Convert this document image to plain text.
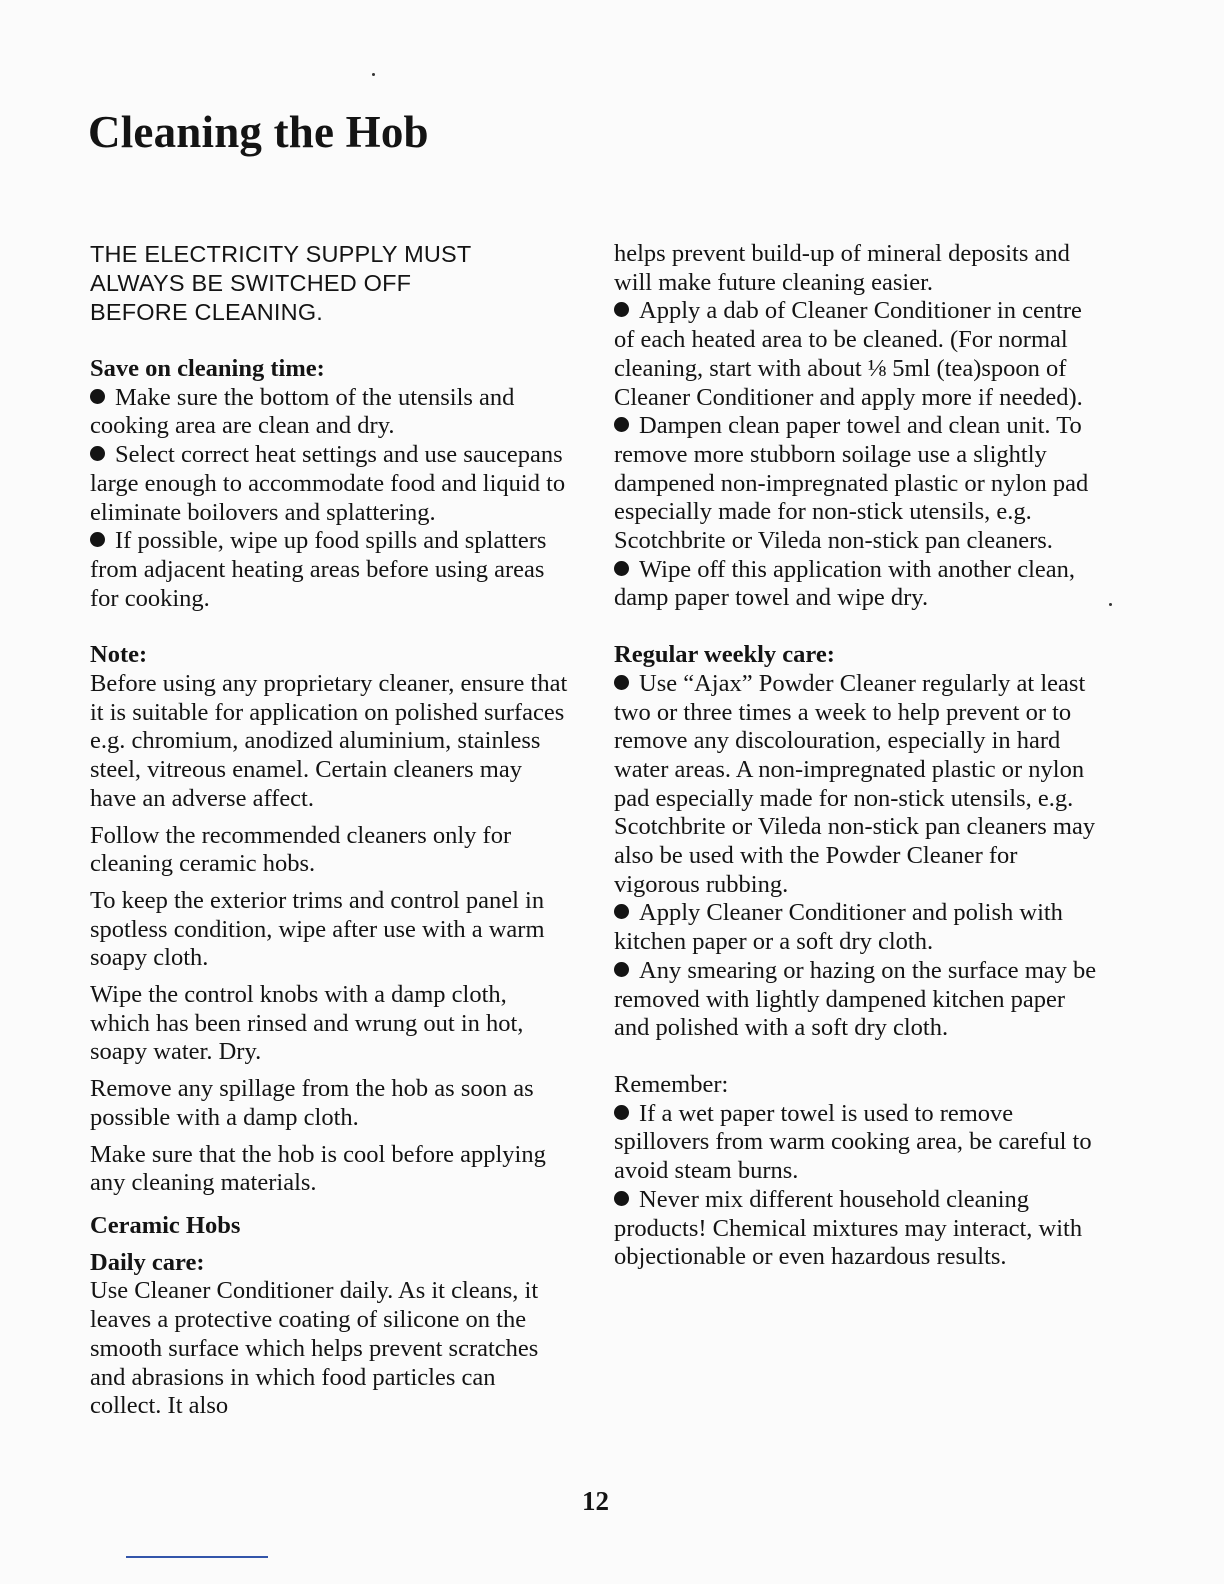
Cleaning the Hob
THE ELECTRICITY SUPPLY MUST
ALWAYS BE SWITCHED OFF
BEFORE CLEANING.

Save on cleaning time:

Make sure the bottom of the utensils and cooking area are clean and dry.

Select correct heat settings and use saucepans large enough to accommodate food and liquid to eliminate boilovers and splattering.

If possible, wipe up food spills and splatters from adjacent heating areas before using areas for cooking.

Note:

Before using any proprietary cleaner, ensure that it is suitable for application on polished surfaces e.g. chromium, anodized aluminium, stainless steel, vitreous enamel. Certain cleaners may have an adverse affect.

Follow the recommended cleaners only for cleaning ceramic hobs.

To keep the exterior trims and control panel in spotless condition, wipe after use with a warm soapy cloth.

Wipe the control knobs with a damp cloth, which has been rinsed and wrung out in hot, soapy water. Dry.

Remove any spillage from the hob as soon as possible with a damp cloth.

Make sure that the hob is cool before applying any cleaning materials.

Ceramic Hobs

Daily care:

Use Cleaner Conditioner daily. As it cleans, it leaves a protective coating of silicone on the smooth surface which helps prevent scratches and abrasions in which food particles can collect. It also

helps prevent build-up of mineral deposits and will make future cleaning easier.

Apply a dab of Cleaner Conditioner in centre of each heated area to be cleaned. (For normal cleaning, start with about ⅛ 5ml (tea)spoon of Cleaner Conditioner and apply more if needed).

Dampen clean paper towel and clean unit. To remove more stubborn soilage use a slightly dampened non-impregnated plastic or nylon pad especially made for non-stick utensils, e.g. Scotchbrite or Vileda non-stick pan cleaners.

Wipe off this application with another clean, damp paper towel and wipe dry.

Regular weekly care:

Use “Ajax” Powder Cleaner regularly at least two or three times a week to help prevent or to remove any discolouration, especially in hard water areas. A non-impregnated plastic or nylon pad especially made for non-stick utensils, e.g. Scotchbrite or Vileda non-stick pan cleaners may also be used with the Powder Cleaner for vigorous rubbing.

Apply Cleaner Conditioner and polish with kitchen paper or a soft dry cloth.

Any smearing or hazing on the surface may be removed with lightly dampened kitchen paper and polished with a soft dry cloth.

Remember:

If a wet paper towel is used to remove spillovers from warm cooking area, be careful to avoid steam burns.

Never mix different household cleaning products! Chemical mixtures may interact, with objectionable or even hazardous results.

12
